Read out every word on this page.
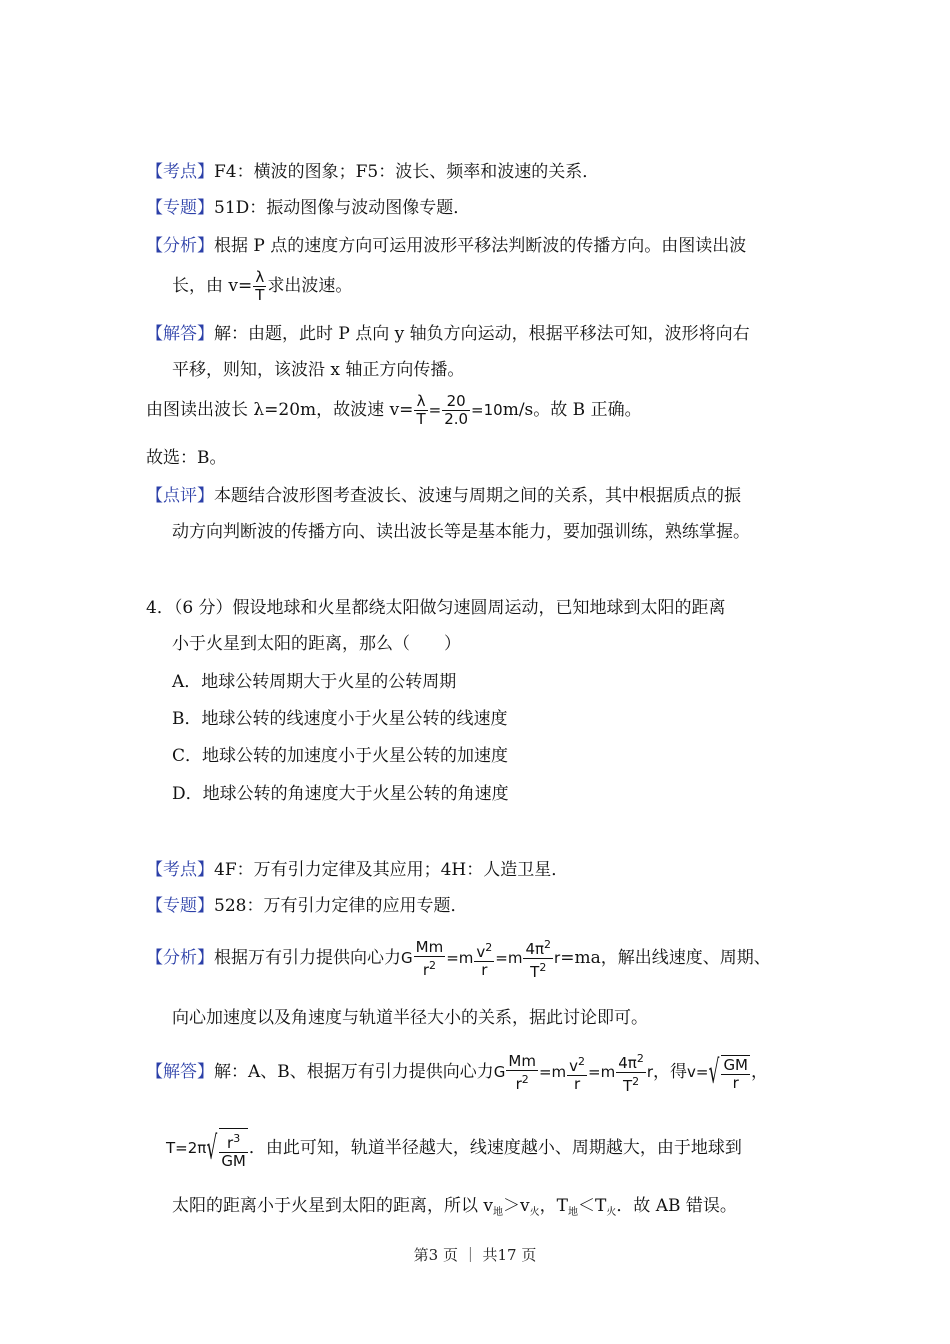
【考点】F4：横波的图象；F5：波长、频率和波速的关系．
【专题】51D：振动图像与波动图像专题．
【分析】根据 P 点的速度方向可运用波形平移法判断波的传播方向。由图读出波
长，由 $v= \frac{\lambda}{T}$ 求出波速。
【解答】解：由题，此时 P 点向 y 轴负方向运动，根据平移法可知，波形将向右
平移，则知，该波沿 x 轴正方向传播。
由图读出波长 λ=20m，故波速 $v= \frac{\lambda}{T} = \frac{20}{2.0} =10m/s$。故 B 正确。
故选：B。
【点评】本题结合波形图考查波长、波速与周期之间的关系，其中根据质点的振
动方向判断波的传播方向、读出波长等是基本能力，要加强训练，熟练掌握。
4．（6 分）假设地球和火星都绕太阳做匀速圆周运动，已知地球到太阳的距离
小于火星到太阳的距离，那么（　　）
A．地球公转周期大于火星的公转周期
B．地球公转的线速度小于火星公转的线速度
C．地球公转的加速度小于火星公转的加速度
D．地球公转的角速度大于火星公转的角速度
【考点】4F：万有引力定律及其应用；4H：人造卫星．
【专题】528：万有引力定律的应用专题．
【分析】根据万有引力提供向心力G $\frac{Mm}{r^2} =m \frac{v^2}{r} =m \frac{4\pi^2}{T^2} r=ma$，解出线速度、周期、
向心加速度以及角速度与轨道半径大小的关系，据此讨论即可。
【解答】解：A、B、根据万有引力提供向心力G $\frac{Mm}{r^2} =m \frac{v^2}{r} =m \frac{4\pi^2}{T^2}$ r，得v= √ $\frac{GM}{r}$ ，
T=2π √ $\frac{r^3}{GM}$ ．由此可知，轨道半径越大，线速度越小、周期越大，由于地球到
太阳的距离小于火星到太阳的距离，所以 $v_地>v_火$，$T_地<T_火$．故 AB 错误。
第3 页 ｜ 共17 页
